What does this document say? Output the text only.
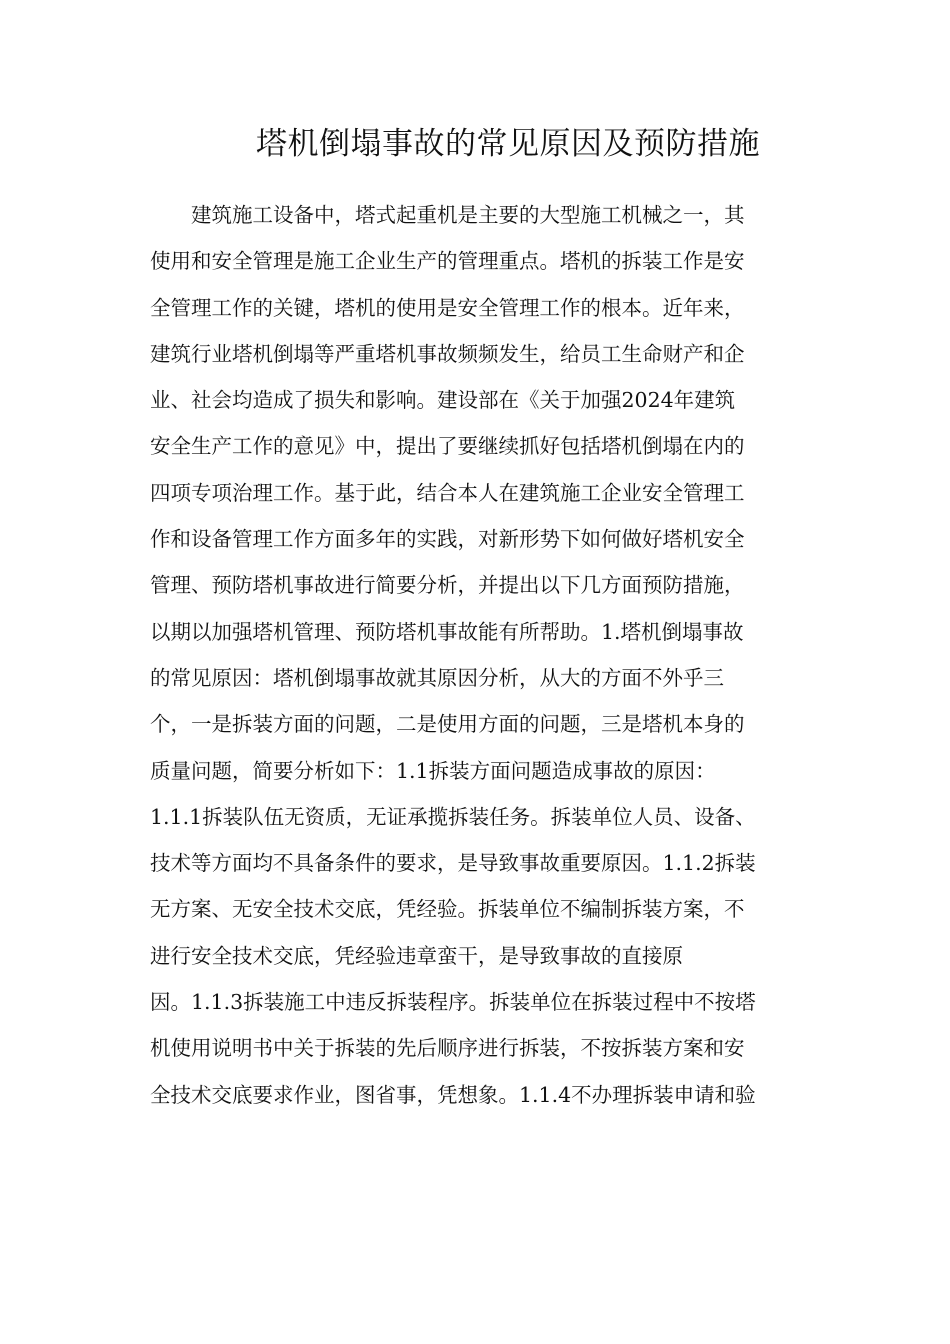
塔机倒塌事故的常见原因及预防措施
建筑施工设备中，塔式起重机是主要的大型施工机械之一，其
使用和安全管理是施工企业生产的管理重点。塔机的拆装工作是安
全管理工作的关键，塔机的使用是安全管理工作的根本。近年来，
建筑行业塔机倒塌等严重塔机事故频频发生，给员工生命财产和企
业、社会均造成了损失和影响。建设部在《关于加强2024年建筑
安全生产工作的意见》中，提出了要继续抓好包括塔机倒塌在内的
四项专项治理工作。基于此，结合本人在建筑施工企业安全管理工
作和设备管理工作方面多年的实践，对新形势下如何做好塔机安全
管理、预防塔机事故进行简要分析，并提出以下几方面预防措施，
以期以加强塔机管理、预防塔机事故能有所帮助。1.塔机倒塌事故
的常见原因：塔机倒塌事故就其原因分析，从大的方面不外乎三
个，一是拆装方面的问题，二是使用方面的问题，三是塔机本身的
质量问题，简要分析如下：1.1拆装方面问题造成事故的原因：
1.1.1拆装队伍无资质，无证承揽拆装任务。拆装单位人员、设备、
技术等方面均不具备条件的要求，是导致事故重要原因。1.1.2拆装
无方案、无安全技术交底，凭经验。拆装单位不编制拆装方案，不
进行安全技术交底，凭经验违章蛮干，是导致事故的直接原
因。1.1.3拆装施工中违反拆装程序。拆装单位在拆装过程中不按塔
机使用说明书中关于拆装的先后顺序进行拆装，不按拆装方案和安
全技术交底要求作业，图省事，凭想象。1.1.4不办理拆装申请和验
